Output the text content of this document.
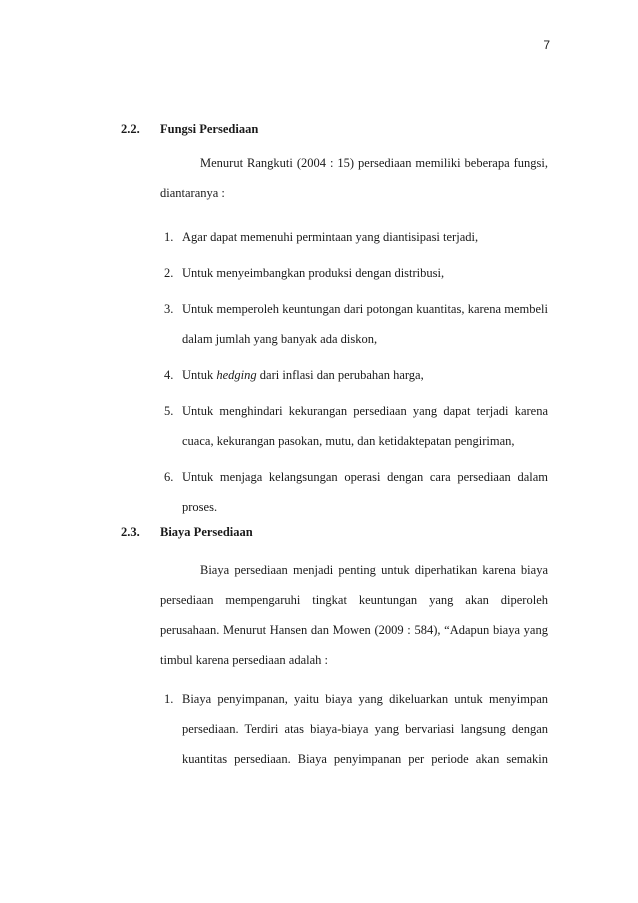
7
2.2. Fungsi Persediaan
Menurut Rangkuti (2004 : 15) persediaan memiliki beberapa fungsi, diantaranya :
1. Agar dapat memenuhi permintaan yang diantisipasi terjadi,
2. Untuk menyeimbangkan produksi dengan distribusi,
3. Untuk memperoleh keuntungan dari potongan kuantitas, karena membeli dalam jumlah yang banyak ada diskon,
4. Untuk hedging dari inflasi dan perubahan harga,
5. Untuk menghindari kekurangan persediaan yang dapat terjadi karena cuaca, kekurangan pasokan, mutu, dan ketidaktepatan pengiriman,
6. Untuk menjaga kelangsungan operasi dengan cara persediaan dalam proses.
2.3. Biaya Persediaan
Biaya persediaan menjadi penting untuk diperhatikan karena biaya persediaan mempengaruhi tingkat keuntungan yang akan diperoleh perusahaan. Menurut Hansen dan Mowen (2009 : 584), “Adapun biaya yang timbul karena persediaan adalah :
1. Biaya penyimpanan, yaitu biaya yang dikeluarkan untuk menyimpan persediaan. Terdiri atas biaya-biaya yang bervariasi langsung dengan kuantitas persediaan. Biaya penyimpanan per periode akan semakin
